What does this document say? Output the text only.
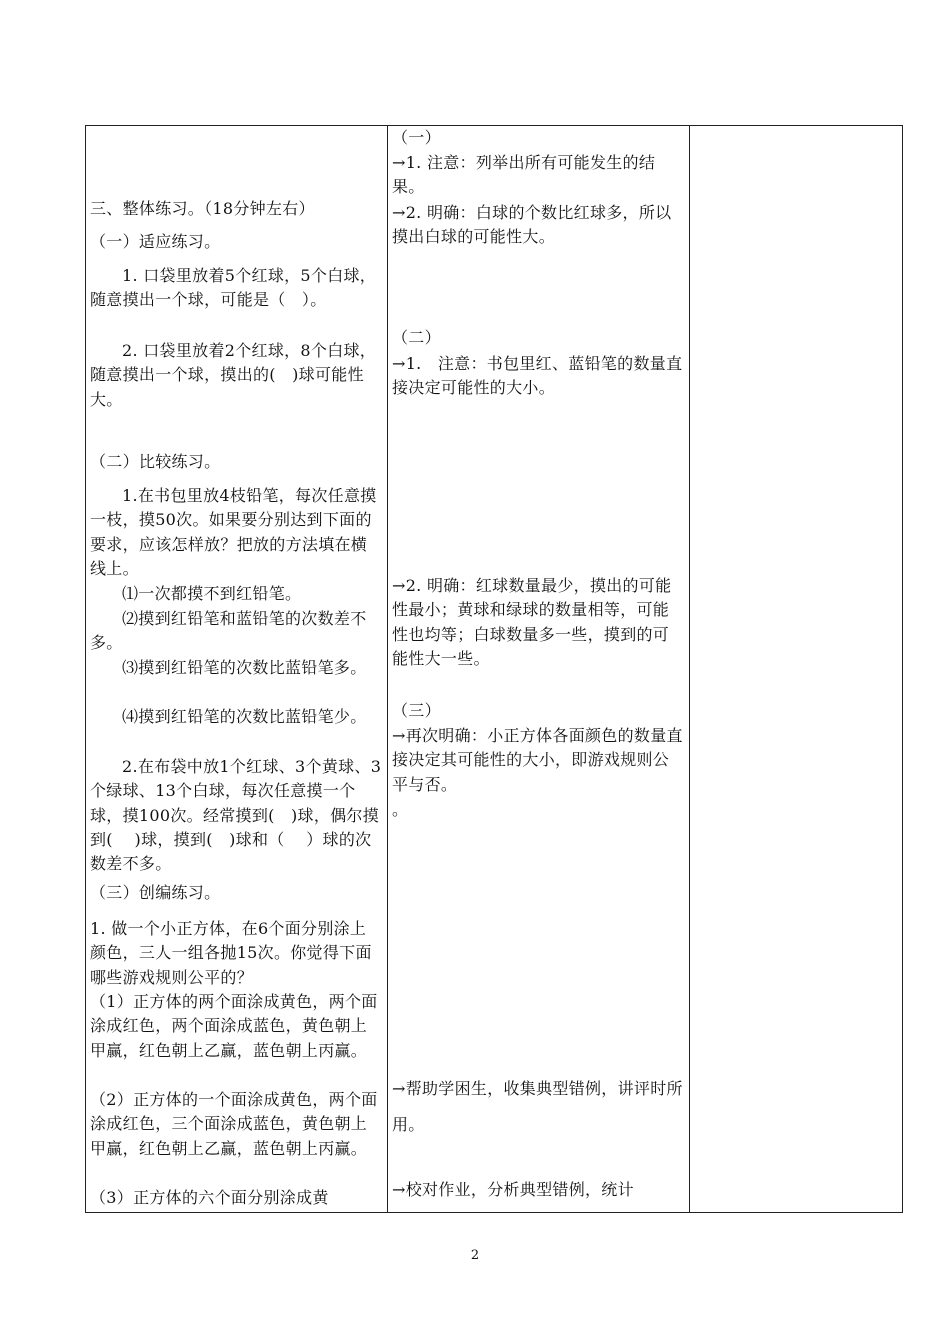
三、整体练习。（18分钟左右）

（一）适应练习。

1. 口袋里放着5个红球，5个白球，随意摸出一个球，可能是（　）。

2. 口袋里放着2个红球，8个白球，随意摸出一个球，摸出的(　)球可能性大。

（二）比较练习。

1.在书包里放4枝铅笔，每次任意摸一枝，摸50次。如果要分别达到下面的要求，应该怎样放？把放的方法填在横线上。

⑴一次都摸不到红铅笔。

⑵摸到红铅笔和蓝铅笔的次数差不多。

⑶摸到红铅笔的次数比蓝铅笔多。

⑷摸到红铅笔的次数比蓝铅笔少。

2.在布袋中放1个红球、3个黄球、3个绿球、13个白球，每次任意摸一个球，摸100次。经常摸到(　)球，偶尔摸到(　 )球，摸到(　)球和（　 ）球的次数差不多。

（三）创编练习。

1. 做一个小正方体，在6个面分别涂上颜色，三人一组各抛15次。你觉得下面哪些游戏规则公平的？

（1）正方体的两个面涂成黄色，两个面涂成红色，两个面涂成蓝色，黄色朝上甲赢，红色朝上乙赢，蓝色朝上丙赢。

（2）正方体的一个面涂成黄色，两个面涂成红色，三个面涂成蓝色，黄色朝上甲赢，红色朝上乙赢，蓝色朝上丙赢。

（3）正方体的六个面分别涂成黄

（一）

→1. 注意：列举出所有可能发生的结果。

→2. 明确：白球的个数比红球多，所以摸出白球的可能性大。

（二）

→1.　注意：书包里红、蓝铅笔的数量直接决定可能性的大小。

→2. 明确：红球数量最少，摸出的可能性最小；黄球和绿球的数量相等，可能性也均等；白球数量多一些，摸到的可能性大一些。

（三）

→再次明确：小正方体各面颜色的数量直接决定其可能性的大小，即游戏规则公平与否。

。

→帮助学困生，收集典型错例，讲评时所用。

→校对作业，分析典型错例，统计

2
